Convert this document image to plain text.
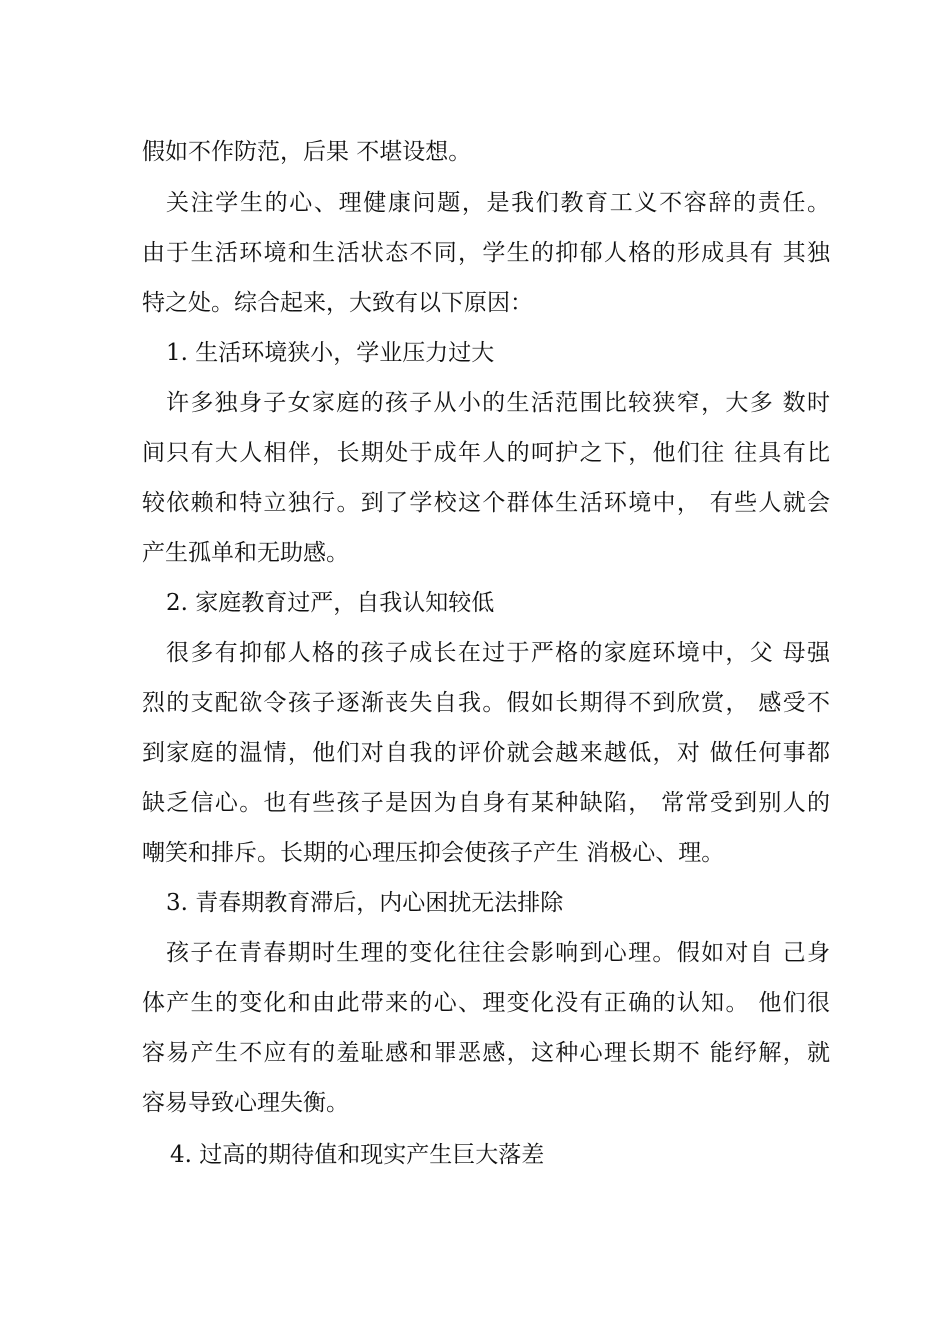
假如不作防范，后果 不堪设想。
关注学生的心、理健康问题，是我们教育工义不容辞的责任。
由于生活环境和生活状态不同，学生的抑郁人格的形成具有 其独
特之处。综合起来，大致有以下原因：
1. 生活环境狭小，学业压力过大
许多独身子女家庭的孩子从小的生活范围比较狭窄，大多 数时
间只有大人相伴，长期处于成年人的呵护之下，他们往 往具有比
较依赖和特立独行。到了学校这个群体生活环境中， 有些人就会
产生孤单和无助感。
2. 家庭教育过严，自我认知较低
很多有抑郁人格的孩子成长在过于严格的家庭环境中，父 母强
烈的支配欲令孩子逐渐丧失自我。假如长期得不到欣赏， 感受不
到家庭的温情，他们对自我的评价就会越来越低，对 做任何事都
缺乏信心。也有些孩子是因为自身有某种缺陷， 常常受到别人的
嘲笑和排斥。长期的心理压抑会使孩子产生 消极心、理。
3. 青春期教育滞后，内心困扰无法排除
孩子在青春期时生理的变化往往会影响到心理。假如对自 己身
体产生的变化和由此带来的心、理变化没有正确的认知。 他们很
容易产生不应有的羞耻感和罪恶感，这种心理长期不 能纾解，就
容易导致心理失衡。
4. 过高的期待值和现实产生巨大落差
